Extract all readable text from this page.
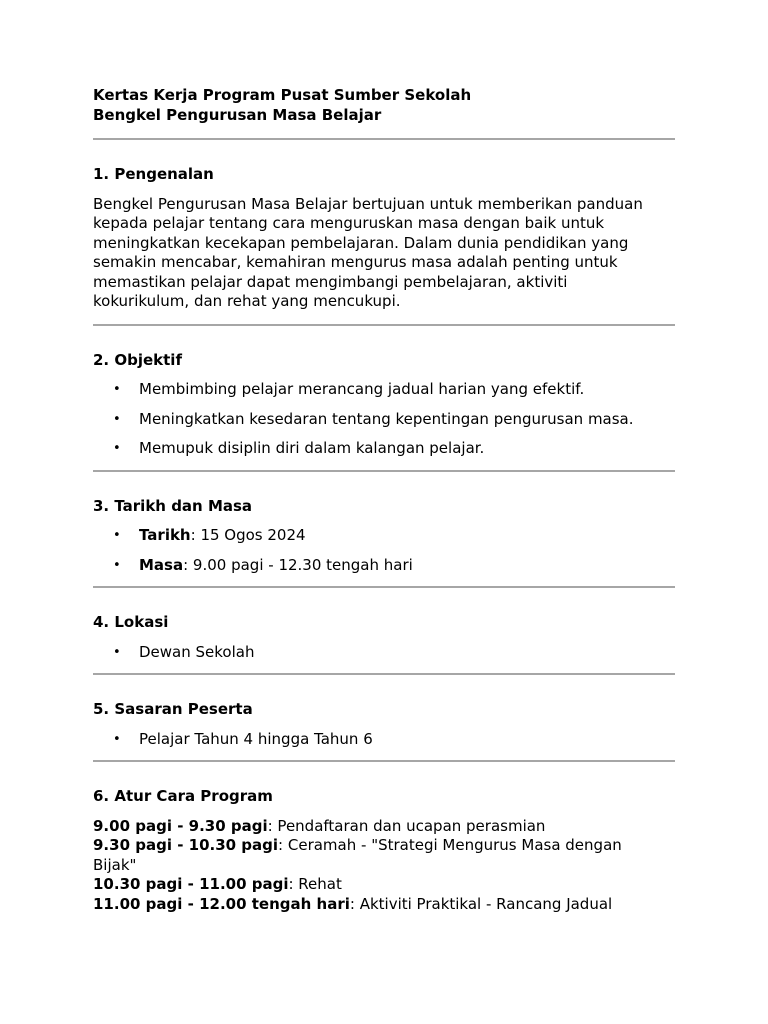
Kertas Kerja Program Pusat Sumber Sekolah
Bengkel Pengurusan Masa Belajar
1. Pengenalan
Bengkel Pengurusan Masa Belajar bertujuan untuk memberikan panduan
kepada pelajar tentang cara menguruskan masa dengan baik untuk
meningkatkan kecekapan pembelajaran. Dalam dunia pendidikan yang
semakin mencabar, kemahiran mengurus masa adalah penting untuk
memastikan pelajar dapat mengimbangi pembelajaran, aktiviti
kokurikulum, dan rehat yang mencukupi.
2. Objektif
• Membimbing pelajar merancang jadual harian yang efektif.
• Meningkatkan kesedaran tentang kepentingan pengurusan masa.
• Memupuk disiplin diri dalam kalangan pelajar.
3. Tarikh dan Masa
• Tarikh: 15 Ogos 2024
• Masa: 9.00 pagi - 12.30 tengah hari
4. Lokasi
• Dewan Sekolah
5. Sasaran Peserta
• Pelajar Tahun 4 hingga Tahun 6
6. Atur Cara Program
9.00 pagi - 9.30 pagi: Pendaftaran dan ucapan perasmian
9.30 pagi - 10.30 pagi: Ceramah - "Strategi Mengurus Masa dengan
Bijak"
10.30 pagi - 11.00 pagi: Rehat
11.00 pagi - 12.00 tengah hari: Aktiviti Praktikal - Rancang Jadual
